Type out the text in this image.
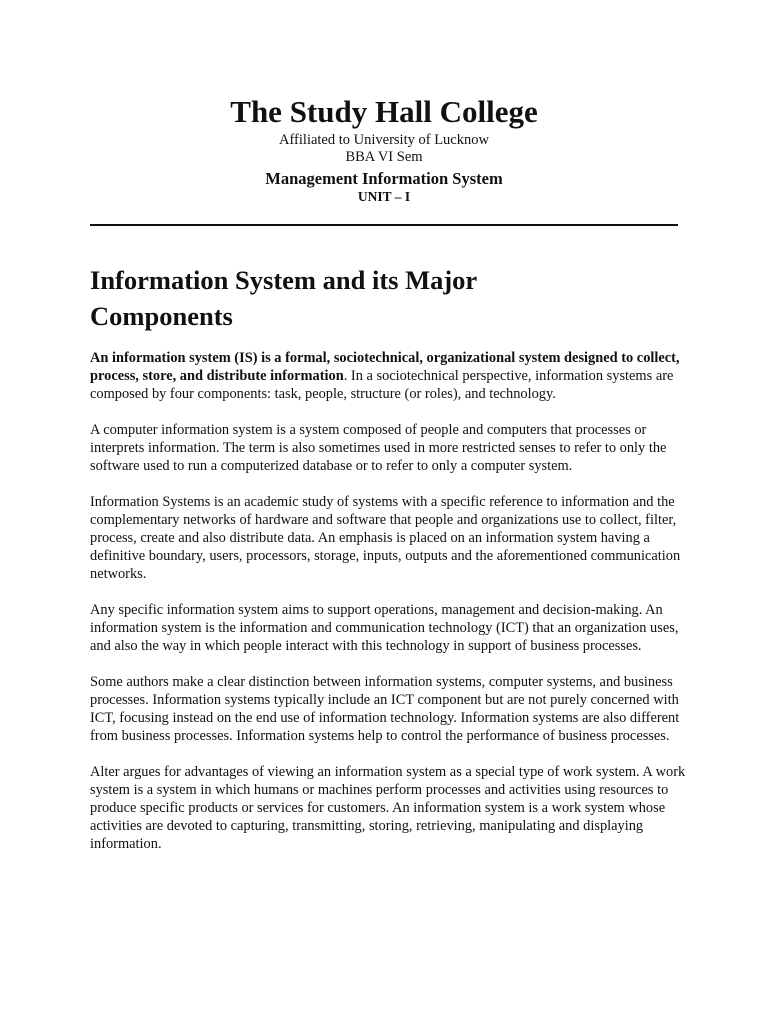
The Study Hall College

Affiliated to University of Lucknow

BBA VI Sem

Management Information System

UNIT – I

Information System and its Major
Components

An information system (IS) is a formal, sociotechnical, organizational system designed to collect, process, store, and distribute information. In a sociotechnical perspective, information systems are composed by four components: task, people, structure (or roles), and technology.

A computer information system is a system composed of people and computers that processes or interprets information. The term is also sometimes used in more restricted senses to refer to only the software used to run a computerized database or to refer to only a computer system.

Information Systems is an academic study of systems with a specific reference to information and the complementary networks of hardware and software that people and organizations use to collect, filter, process, create and also distribute data. An emphasis is placed on an information system having a definitive boundary, users, processors, storage, inputs, outputs and the aforementioned communication networks.

Any specific information system aims to support operations, management and decision-making. An information system is the information and communication technology (ICT) that an organization uses, and also the way in which people interact with this technology in support of business processes.

Some authors make a clear distinction between information systems, computer systems, and business processes. Information systems typically include an ICT component but are not purely concerned with ICT, focusing instead on the end use of information technology. Information systems are also different from business processes. Information systems help to control the performance of business processes.

Alter argues for advantages of viewing an information system as a special type of work system. A work system is a system in which humans or machines perform processes and activities using resources to produce specific products or services for customers. An information system is a work system whose activities are devoted to capturing, transmitting, storing, retrieving, manipulating and displaying information.
